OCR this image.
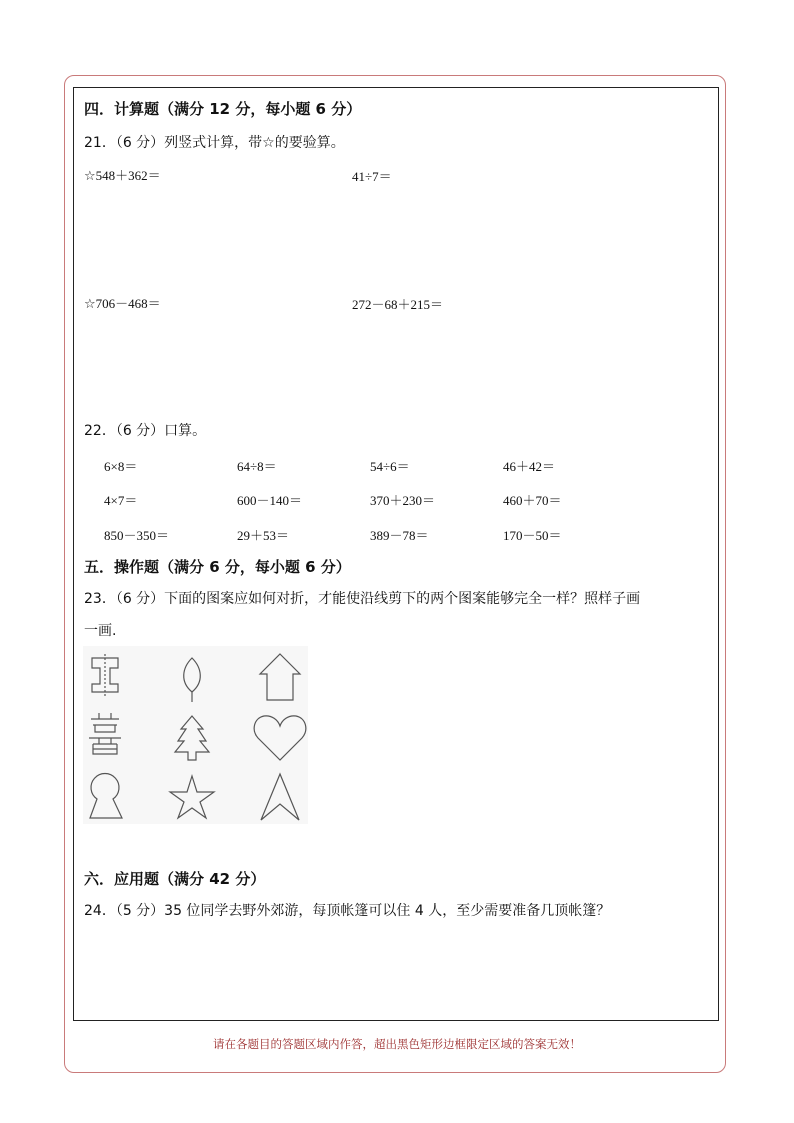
四．计算题（满分 12 分，每小题 6 分）
21．（6 分）列竖式计算，带☆的要验算。
☆548＋362＝	41÷7＝
☆706－468＝	272－68＋215＝
22．（6 分）口算。
6×8＝	64÷8＝	54÷6＝	46＋42＝
4×7＝	600－140＝	370＋230＝	460＋70＝
850－350＝	29＋53＝	389－78＝	170－50＝
五．操作题（满分 6 分，每小题 6 分）
23．（6 分）下面的图案应如何对折，才能使沿线剪下的两个图案能够完全一样？照样子画
一画.
六．应用题（满分 42 分）
24．（5 分）35 位同学去野外郊游，每顶帐篷可以住 4 人，至少需要准备几顶帐篷？
请在各题目的答题区域内作答，超出黑色矩形边框限定区域的答案无效！
